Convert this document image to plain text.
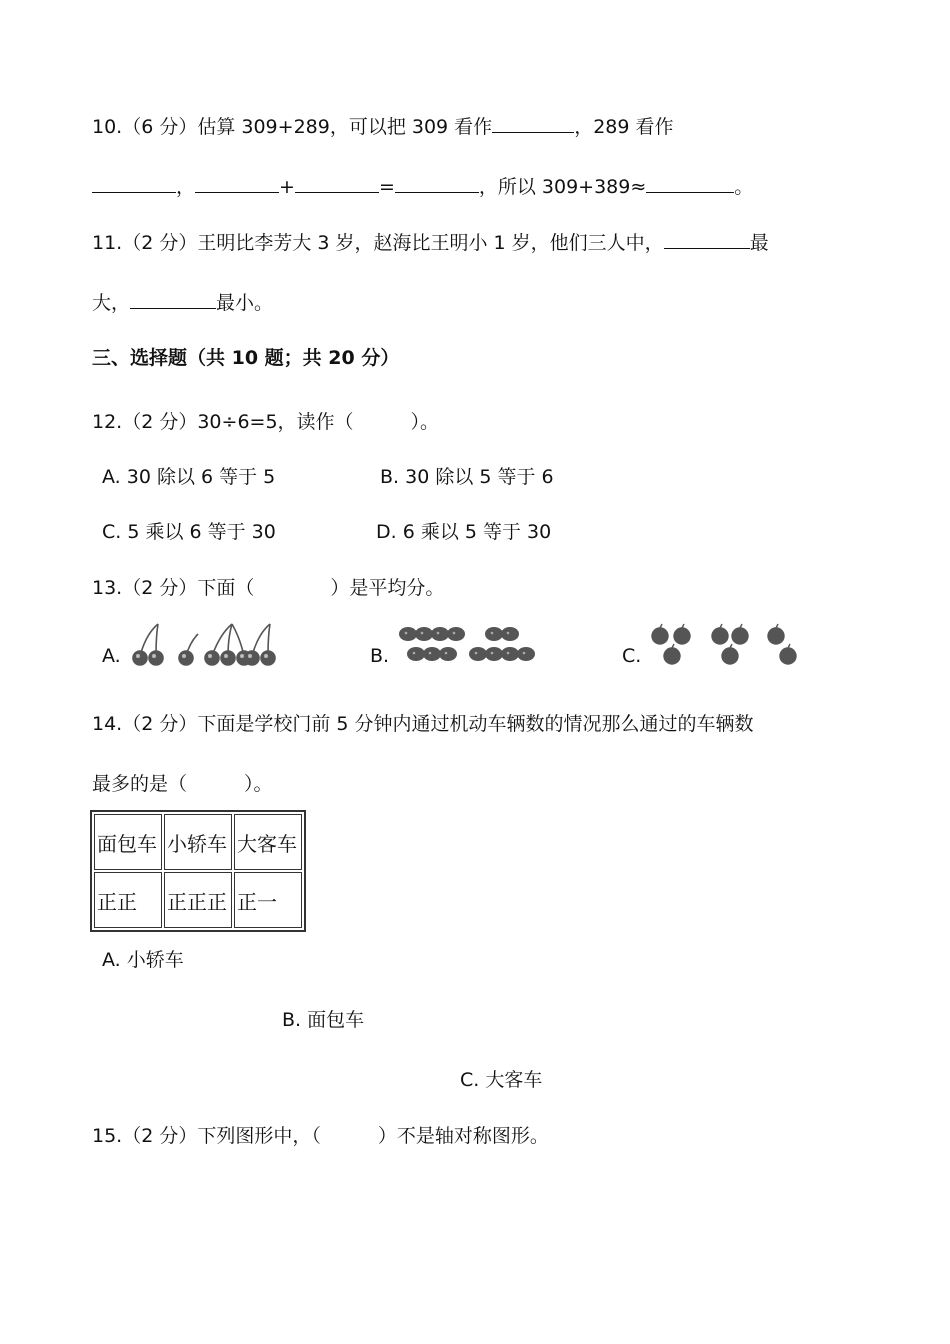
10.（6 分）估算 309+289，可以把 309 看作	，289 看作
，	+	=	，所以 309+389≈	。
11.（2 分）王明比李芳大 3 岁，赵海比王明小 1 岁，他们三人中，	最
大，	最小。
三、选择题（共 10 题；共 20 分）
12.（2 分）30÷6=5，读作（　　　）。
A. 30 除以 6 等于 5	B. 30 除以 5 等于 6
C. 5 乘以 6 等于 30	D. 6 乘以 5 等于 30
13.（2 分）下面（　　　　）是平均分。
A.	B.	C.
14.（2 分）下面是学校门前 5 分钟内通过机动车辆数的情况那么通过的车辆数
最多的是（　　　）。
面包车	小轿车	大客车
正正	正正正	正一
A. 小轿车
B. 面包车
C. 大客车
15.（2 分）下列图形中，（　　　）不是轴对称图形。
